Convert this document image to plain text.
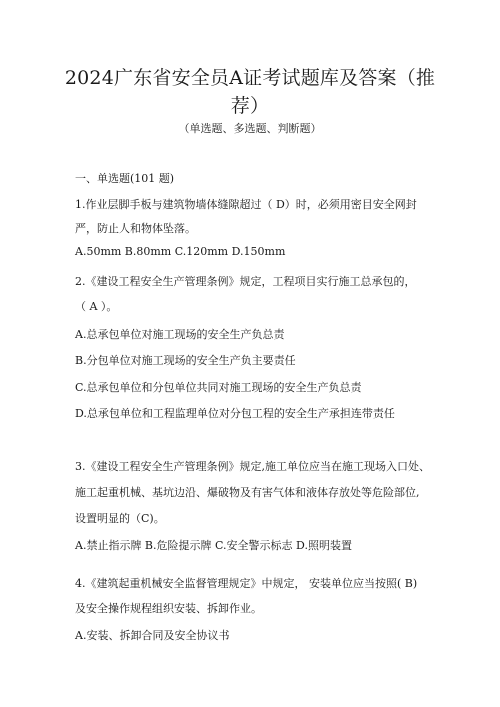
2024广东省安全员A证考试题库及答案（推
荐）
（单选题、多选题、判断题）
一、单选题(101 题)
1.作业层脚手板与建筑物墙体缝隙超过（ D）时，必须用密目安全网封
严，防止人和物体坠落。
A.50mm B.80mm C.120mm D.150mm
2.《建设工程安全生产管理条例》规定，工程项目实行施工总承包的，
（ A ）。
A.总承包单位对施工现场的安全生产负总责
B.分包单位对施工现场的安全生产负主要责任
C.总承包单位和分包单位共同对施工现场的安全生产负总责
D.总承包单位和工程监理单位对分包工程的安全生产承担连带责任
3.《建设工程安全生产管理条例》规定,施工单位应当在施工现场入口处、
施工起重机械、基坑边沿、爆破物及有害气体和液体存放处等危险部位,
设置明显的（C)。
A.禁止指示牌 B.危险提示牌 C.安全警示标志 D.照明装置
4.《建筑起重机械安全监督管理规定》中规定， 安装单位应当按照( B)
及安全操作规程组织安装、拆卸作业。
A.安装、拆卸合同及安全协议书
